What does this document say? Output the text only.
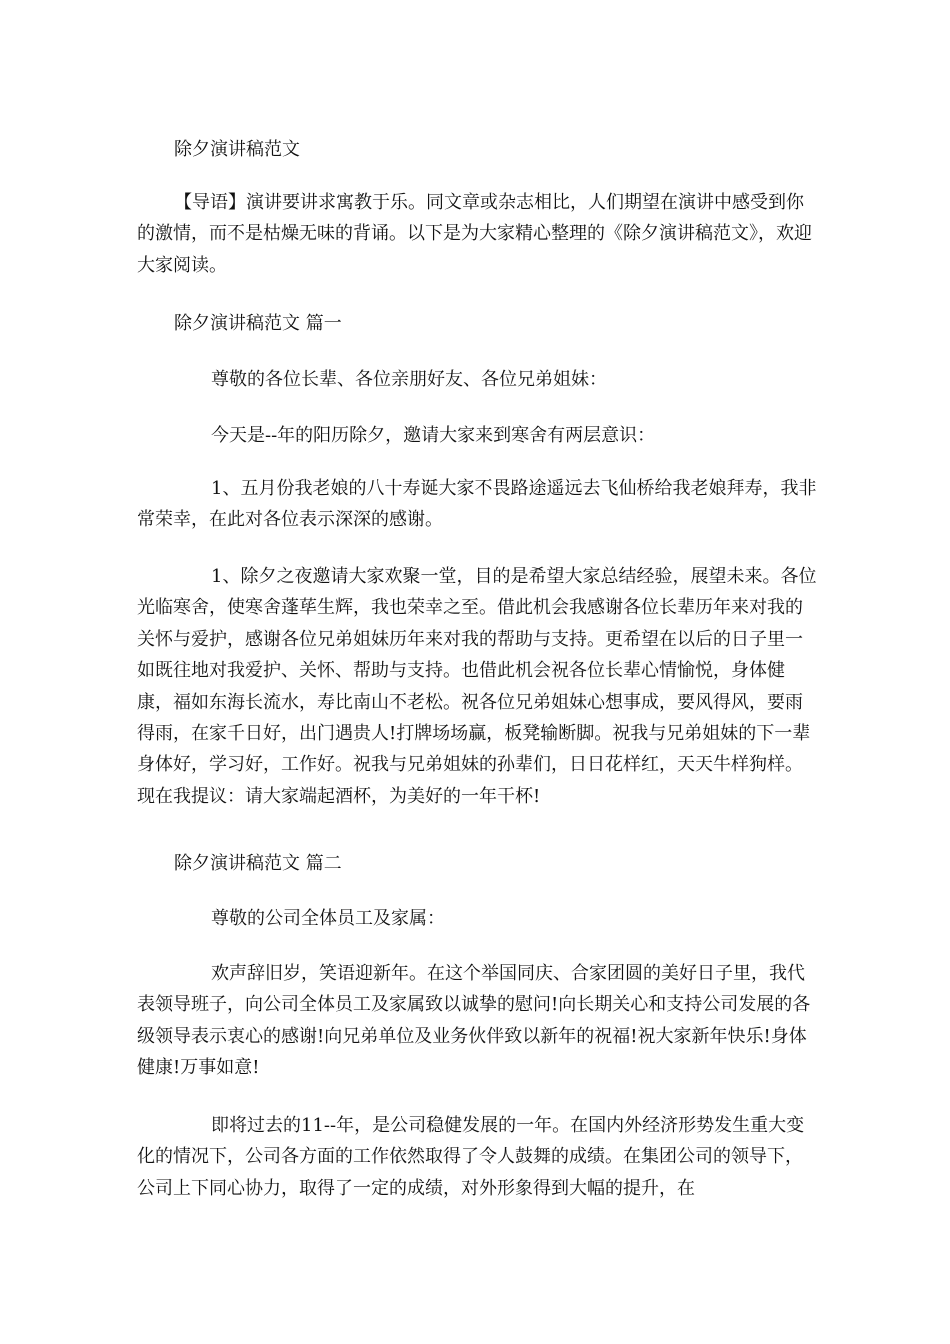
除夕演讲稿范文

【导语】演讲要讲求寓教于乐。同文章或杂志相比，人们期望在演讲中感受到你的激情，而不是枯燥无味的背诵。以下是为大家精心整理的《除夕演讲稿范文》，欢迎大家阅读。

除夕演讲稿范文 篇一

尊敬的各位长辈、各位亲朋好友、各位兄弟姐妹：

今天是--年的阳历除夕，邀请大家来到寒舍有两层意识：

1、五月份我老娘的八十寿诞大家不畏路途遥远去飞仙桥给我老娘拜寿，我非常荣幸，在此对各位表示深深的感谢。

1、除夕之夜邀请大家欢聚一堂，目的是希望大家总结经验，展望未来。各位光临寒舍，使寒舍蓬荜生辉，我也荣幸之至。借此机会我感谢各位长辈历年来对我的关怀与爱护，感谢各位兄弟姐妹历年来对我的帮助与支持。更希望在以后的日子里一如既往地对我爱护、关怀、帮助与支持。也借此机会祝各位长辈心情愉悦，身体健康，福如东海长流水，寿比南山不老松。祝各位兄弟姐妹心想事成，要风得风，要雨得雨，在家千日好，出门遇贵人!打牌场场赢，板凳输断脚。祝我与兄弟姐妹的下一辈身体好，学习好，工作好。祝我与兄弟姐妹的孙辈们，日日花样红，天天牛样狗样。现在我提议：请大家端起酒杯，为美好的一年干杯!

除夕演讲稿范文 篇二

尊敬的公司全体员工及家属：

欢声辞旧岁，笑语迎新年。在这个举国同庆、合家团圆的美好日子里，我代表领导班子，向公司全体员工及家属致以诚挚的慰问!向长期关心和支持公司发展的各级领导表示衷心的感谢!向兄弟单位及业务伙伴致以新年的祝福!祝大家新年快乐!身体健康!万事如意!

即将过去的11--年，是公司稳健发展的一年。在国内外经济形势发生重大变化的情况下，公司各方面的工作依然取得了令人鼓舞的成绩。在集团公司的领导下，公司上下同心协力，取得了一定的成绩，对外形象得到大幅的提升，在
